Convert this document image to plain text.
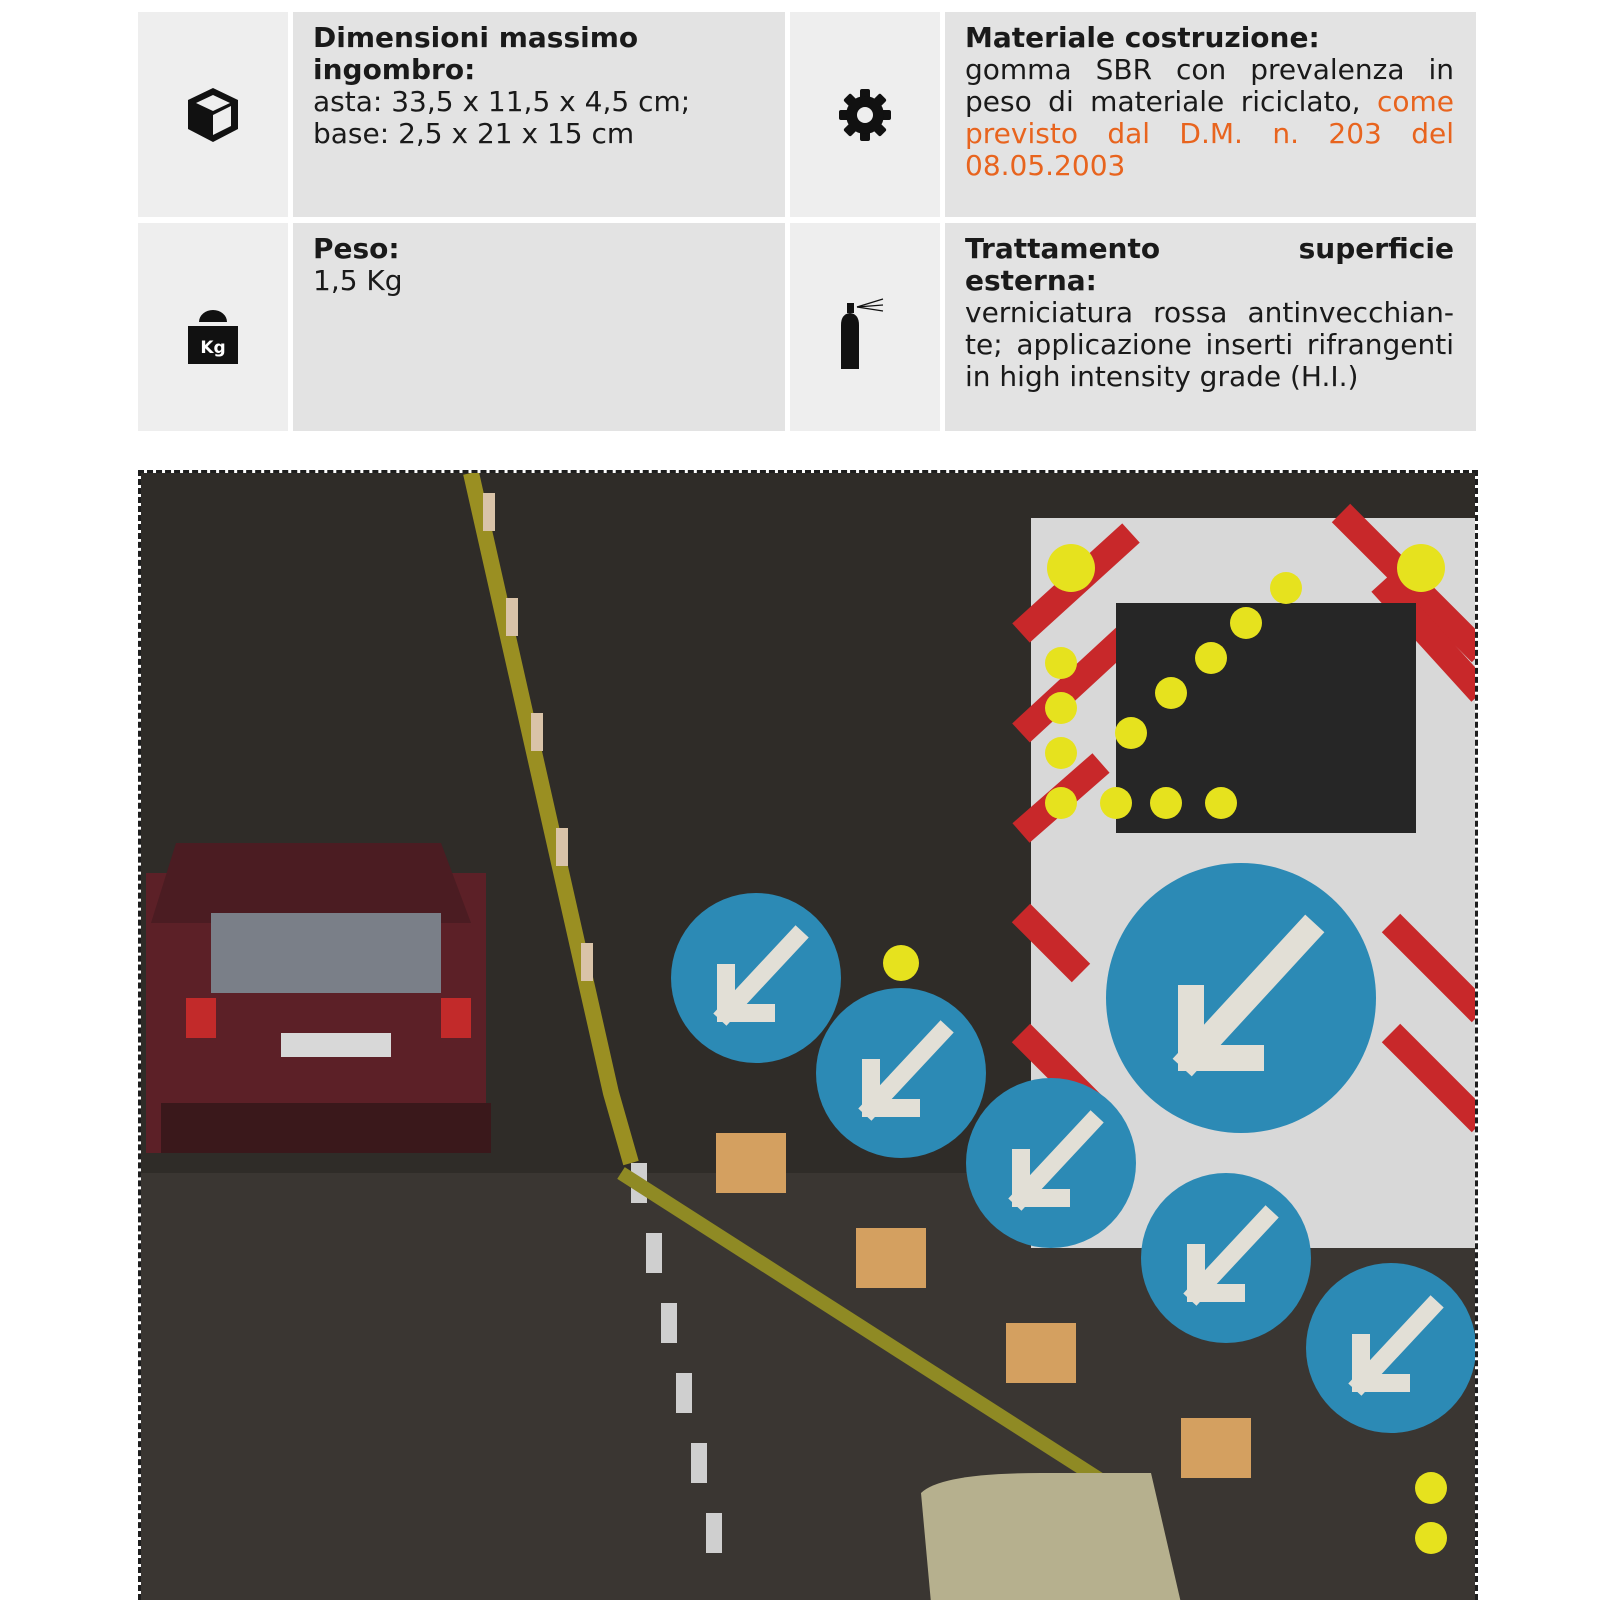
Dimensioni massimo ingombro:
asta: 33,5 x 11,5 x 4,5 cm;
base: 2,5 x 21 x 15 cm
Materiale costruzione:
gomma SBR con prevalenza in peso di materiale riciclato, come previsto dal D.M. n. 203 del 08.05.2003
Kg
Peso:
1,5 Kg
Trattamento superficie esterna:
verniciatura rossa antinvecchian-te; applicazione inserti rifrangenti in high intensity grade (H.I.)
